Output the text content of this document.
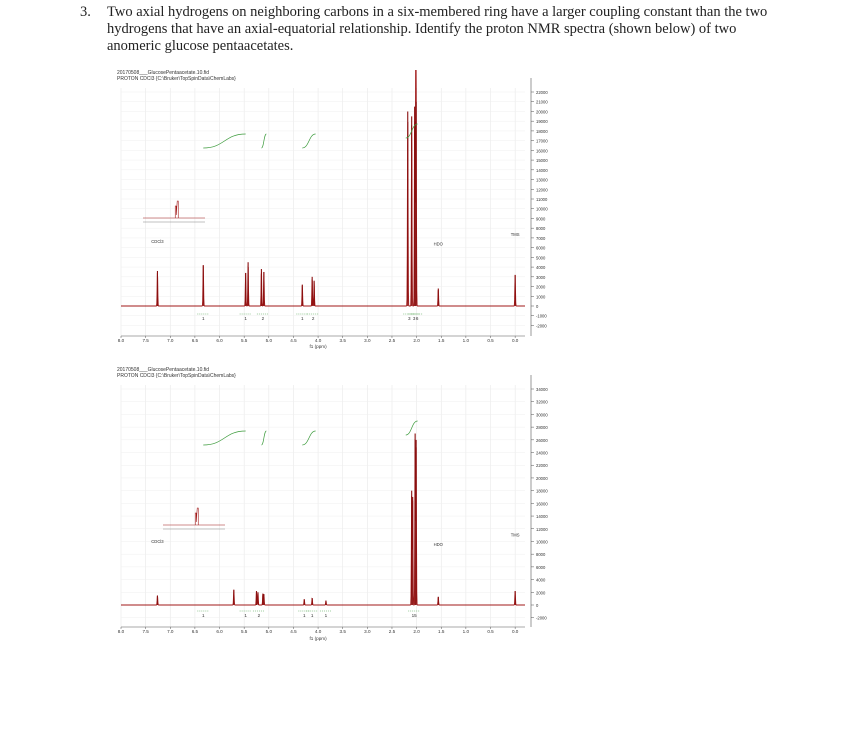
3. Two axial hydrogens on neighboring carbons in a six-membered ring have a larger coupling constant than the two hydrogens that have an axial-equatorial relationship. Identify the proton NMR spectra (shown below) of two anomeric glucose pentaacetates.
20170508___GlucosePentaacetate.10.fid
PROTON CDCl3 {C:\Bruker\TopSpinData\ChemLabs}
22000
21000
20000
19000
18000
17000
16000
15000
14000
13000
12000
11000
10000
9000
8000
7000
6000
5000
4000
3000
2000
1000
0
-1000
-2000
8.0	7.5	7.0	6.5	6.0	5.5	5.0	4.5	4.0	3.5	3.0	2.5	2.0	1.5	1.0	0.5	0.0
f1 (ppm)
1	1	2	1 2	3 3 6
CDCl3
HDO
TMS
20170508___GlucosePentaacetate.10.fid
PROTON CDCl3 {C:\Bruker\TopSpinData\ChemLabs}
34000
32000
30000
28000
26000
24000
22000
20000
18000
16000
14000
12000
10000
8000
6000
4000
2000
0
-2000
8.0	7.5	7.0	6.5	6.0	5.5	5.0	4.5	4.0	3.5	3.0	2.5	2.0	1.5	1.0	0.5	0.0
f1 (ppm)
1	1 2	1 1 1	15
CDCl3
HDO
TMS
